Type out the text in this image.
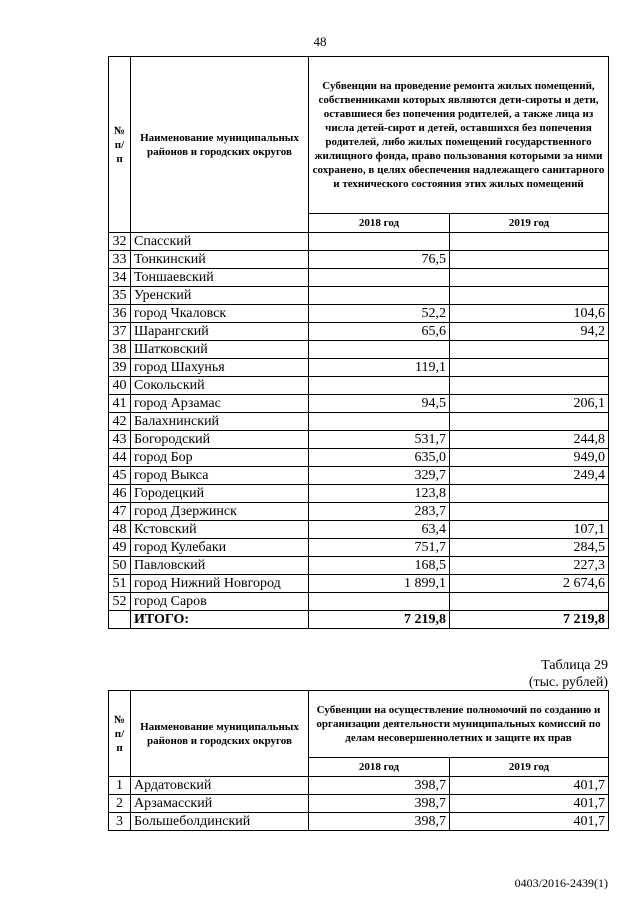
48
№ п/п	Наименование муниципальных районов и городских округов	Субвенции на проведение ремонта жилых помещений, собственниками которых являются дети-сироты и дети, оставшиеся без попечения родителей, а также лица из числа детей-сирот и детей, оставшихся без попечения родителей, либо жилых помещений государственного жилищного фонда, право пользования которыми за ними сохранено, в целях обеспечения надлежащего санитарного и технического состояния этих жилых помещений	
		2018 год	2019 год
32	Спасский		
33	Тонкинский	76,5	
34	Тоншаевский		
35	Уренский		
36	город Чкаловск	52,2	104,6
37	Шарангский	65,6	94,2
38	Шатковский		
39	город Шахунья	119,1	
40	Сокольский		
41	город Арзамас	94,5	206,1
42	Балахнинский		
43	Богородский	531,7	244,8
44	город Бор	635,0	949,0
45	город Выкса	329,7	249,4
46	Городецкий	123,8	
47	город Дзержинск	283,7	
48	Кстовский	63,4	107,1
49	город Кулебаки	751,7	284,5
50	Павловский	168,5	227,3
51	город Нижний Новгород	1 899,1	2 674,6
52	город Саров		
	ИТОГО:	7 219,8	7 219,8
Таблица 29
(тыс. рублей)
№ п/п	Наименование муниципальных районов и городских округов	Субвенции на осуществление полномочий по созданию и организации деятельности муниципальных комиссий по делам несовершеннолетних и защите их прав	
		2018 год	2019 год
1	Ардатовский	398,7	401,7
2	Арзамасский	398,7	401,7
3	Большеболдинский	398,7	401,7
0403/2016-2439(1)
